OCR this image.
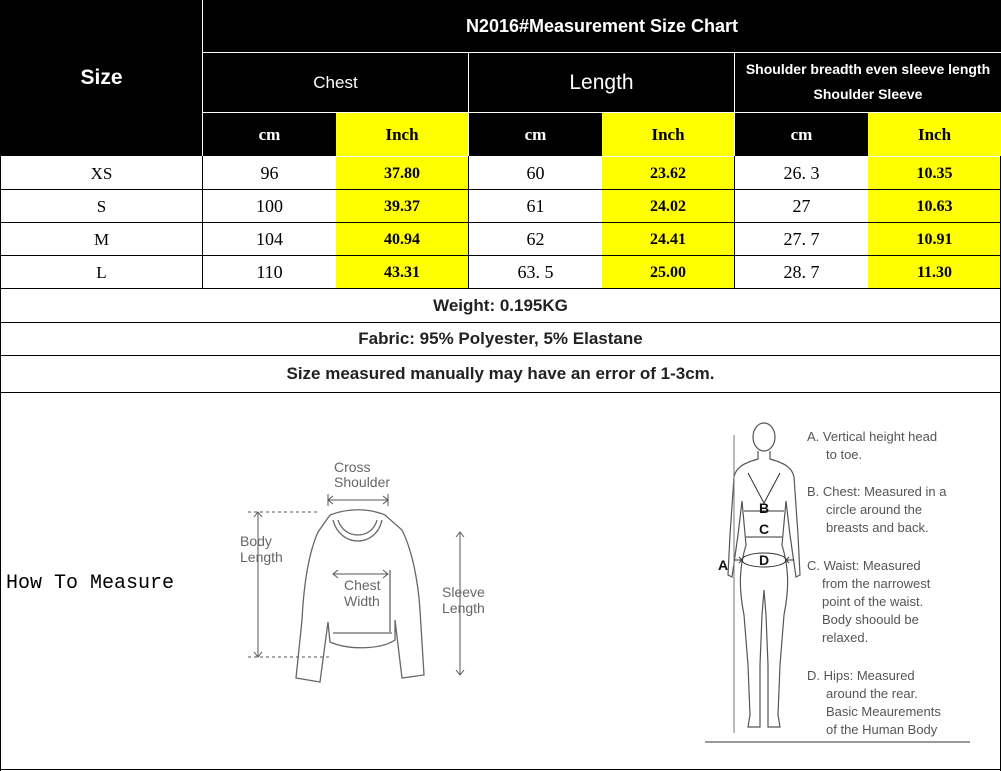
N2016#Measurement Size Chart
Size	Chest	Length
Shoulder breadth even sleeve length
Shoulder Sleeve
cm	Inch	cm	Inch	cm	Inch
XS	96	37.80	60	23.62	26. 3	10.35
S	100	39.37	61	24.02	27	10.63
M	104	40.94	62	24.41	27. 7	10.91
L	110	43.31	63. 5	25.00	28. 7	11.30
Weight: 0.195KG
Fabric: 95% Polyester, 5% Elastane
Size measured manually may have an error of 1-3cm.
How To Measure
Cross
Shoulder
Body
Length
Chest
Width
Sleeve
Length
B
C
D
A
A. Vertical height head
to toe.
B. Chest: Measured in a
circle around the
breasts and back.
C. Waist: Measured
from the narrowest
point of the waist.
Body shoould be
relaxed.
D. Hips: Measured
around the rear.
Basic Meaurements
of the Human Body
